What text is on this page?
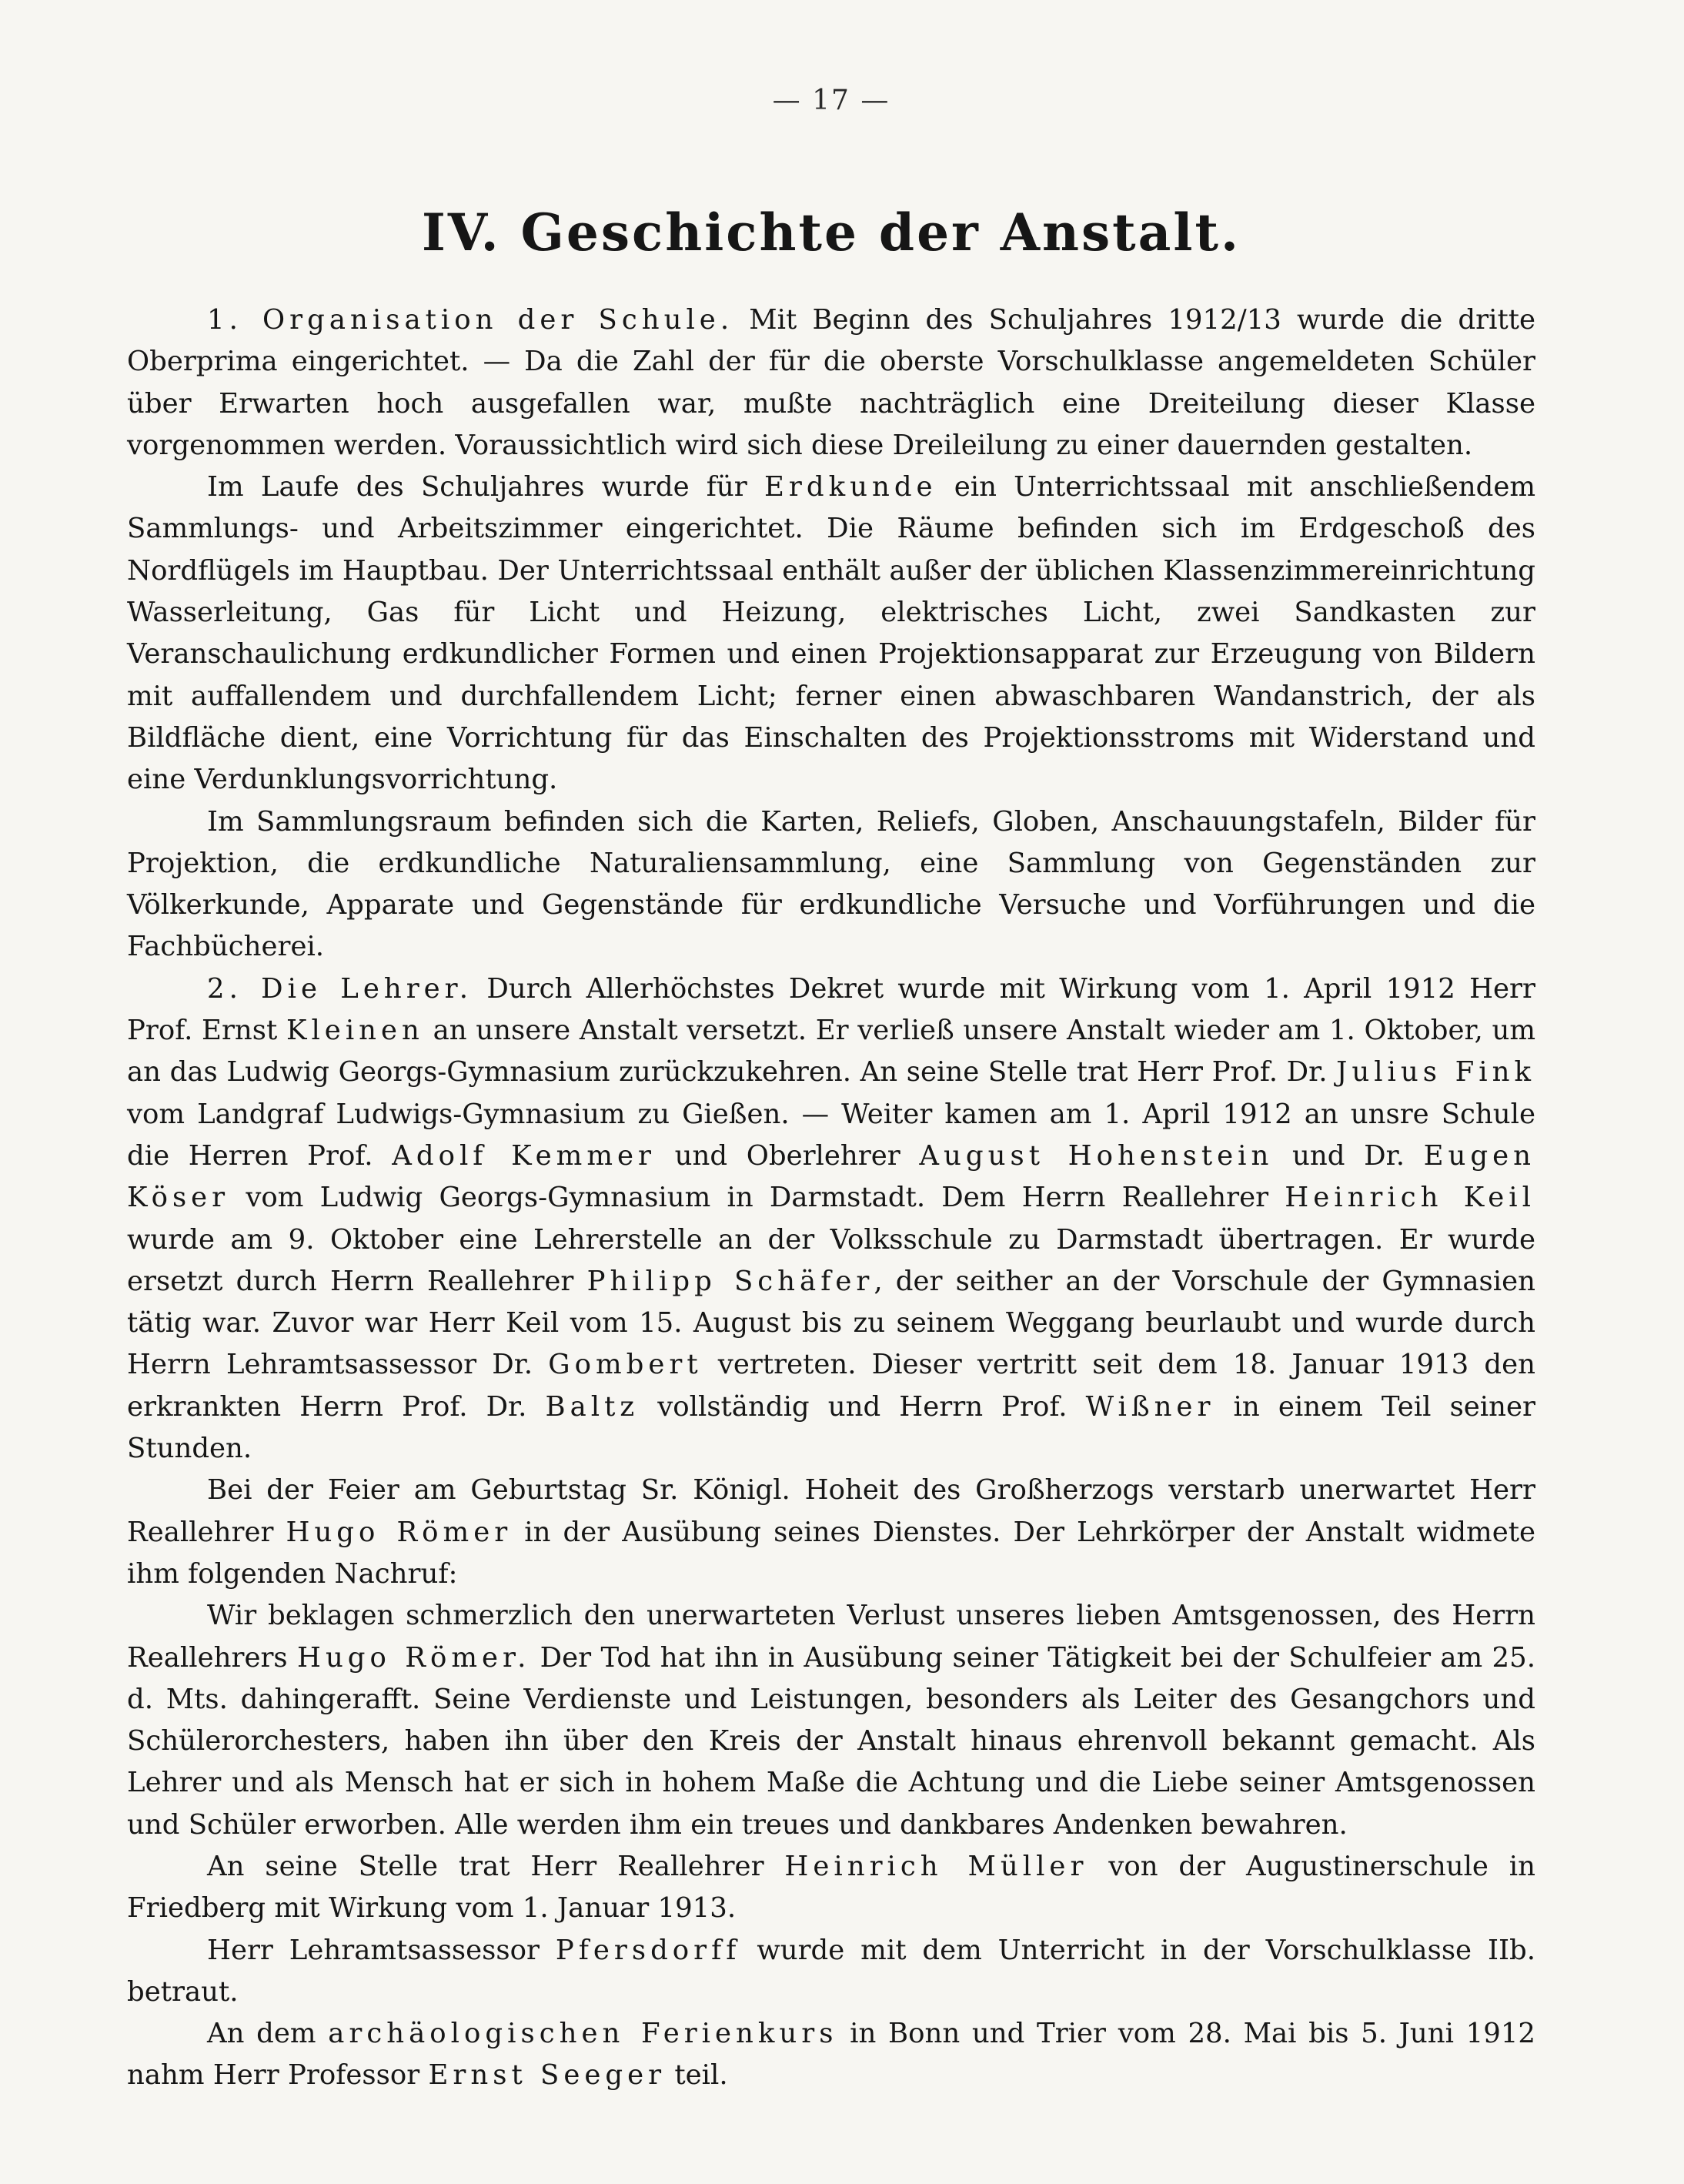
— 17 —
IV. Geschichte der Anstalt.

1. Organisation der Schule. Mit Beginn des Schuljahres 1912/13 wurde die dritte Oberprima eingerichtet. — Da die Zahl der für die oberste Vorschulklasse angemeldeten Schüler über Erwarten hoch ausgefallen war, mußte nachträglich eine Dreiteilung dieser Klasse vorgenommen werden. Voraussichtlich wird sich diese Dreileilung zu einer dauernden gestalten.

Im Laufe des Schuljahres wurde für Erdkunde ein Unterrichtssaal mit anschließendem Sammlungs- und Arbeitszimmer eingerichtet. Die Räume befinden sich im Erdgeschoß des Nordflügels im Hauptbau. Der Unterrichtssaal enthält außer der üblichen Klassenzimmereinrichtung Wasserleitung, Gas für Licht und Heizung, elektrisches Licht, zwei Sandkasten zur Veranschaulichung erdkundlicher Formen und einen Projektionsapparat zur Erzeugung von Bildern mit auffallendem und durchfallendem Licht; ferner einen abwaschbaren Wandanstrich, der als Bildfläche dient, eine Vorrichtung für das Einschalten des Projektionsstroms mit Widerstand und eine Verdunklungsvorrichtung.

Im Sammlungsraum befinden sich die Karten, Reliefs, Globen, Anschauungstafeln, Bilder für Projektion, die erdkundliche Naturaliensammlung, eine Sammlung von Gegenständen zur Völkerkunde, Apparate und Gegenstände für erdkundliche Versuche und Vorführungen und die Fachbücherei.

2. Die Lehrer. Durch Allerhöchstes Dekret wurde mit Wirkung vom 1. April 1912 Herr Prof. Ernst Kleinen an unsere Anstalt versetzt. Er verließ unsere Anstalt wieder am 1. Oktober, um an das Ludwig Georgs-Gymnasium zurückzukehren. An seine Stelle trat Herr Prof. Dr. Julius Fink vom Landgraf Ludwigs-Gymnasium zu Gießen. — Weiter kamen am 1. April 1912 an unsre Schule die Herren Prof. Adolf Kemmer und Oberlehrer August Hohenstein und Dr. Eugen Köser vom Ludwig Georgs-Gymnasium in Darmstadt. Dem Herrn Reallehrer Heinrich Keil wurde am 9. Oktober eine Lehrerstelle an der Volksschule zu Darmstadt übertragen. Er wurde ersetzt durch Herrn Reallehrer Philipp Schäfer, der seither an der Vorschule der Gymnasien tätig war. Zuvor war Herr Keil vom 15. August bis zu seinem Weggang beurlaubt und wurde durch Herrn Lehramtsassessor Dr. Gombert vertreten. Dieser vertritt seit dem 18. Januar 1913 den erkrankten Herrn Prof. Dr. Baltz vollständig und Herrn Prof. Wißner in einem Teil seiner Stunden.

Bei der Feier am Geburtstag Sr. Königl. Hoheit des Großherzogs verstarb unerwartet Herr Reallehrer Hugo Römer in der Ausübung seines Dienstes. Der Lehrkörper der Anstalt widmete ihm folgenden Nachruf:

Wir beklagen schmerzlich den unerwarteten Verlust unseres lieben Amtsgenossen, des Herrn Reallehrers Hugo Römer. Der Tod hat ihn in Ausübung seiner Tätigkeit bei der Schulfeier am 25. d. Mts. dahingerafft. Seine Verdienste und Leistungen, besonders als Leiter des Gesangchors und Schülerorchesters, haben ihn über den Kreis der Anstalt hinaus ehrenvoll bekannt gemacht. Als Lehrer und als Mensch hat er sich in hohem Maße die Achtung und die Liebe seiner Amtsgenossen und Schüler erworben. Alle werden ihm ein treues und dankbares Andenken bewahren.

An seine Stelle trat Herr Reallehrer Heinrich Müller von der Augustinerschule in Friedberg mit Wirkung vom 1. Januar 1913.

Herr Lehramtsassessor Pfersdorff wurde mit dem Unterricht in der Vorschulklasse IIb. betraut.

An dem archäologischen Ferienkurs in Bonn und Trier vom 28. Mai bis 5. Juni 1912 nahm Herr Professor Ernst Seeger teil.
